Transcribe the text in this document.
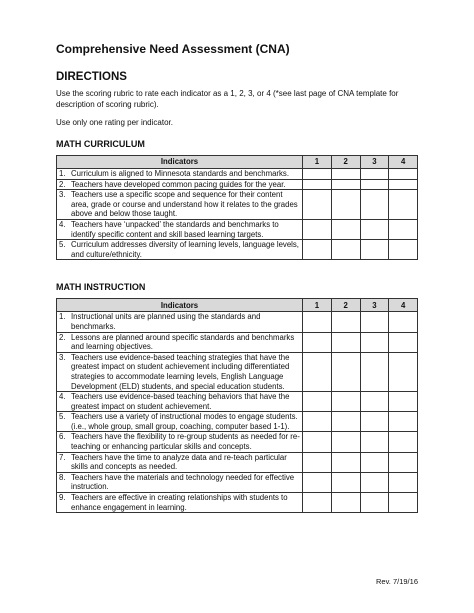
Comprehensive Need Assessment (CNA)
DIRECTIONS
Use the scoring rubric to rate each indicator as a 1, 2, 3, or 4 (*see last page of CNA template for description of scoring rubric).
Use only one rating per indicator.
MATH CURRICULUM
Indicators	1	2	3	4

1. Curriculum is aligned to Minnesota standards and benchmarks.				

2. Teachers have developed common pacing guides for the year.				

3. Teachers use a specific scope and sequence for their content area, grade or course and understand how it relates to the grades above and below those taught.				

4. Teachers have ‘unpacked’ the standards and benchmarks to identify specific content and skill based learning targets.				

5. Curriculum addresses diversity of learning levels, language levels, and culture/ethnicity.				

MATH INSTRUCTION
Indicators	1	2	3	4

1. Instructional units are planned using the standards and benchmarks.				

2. Lessons are planned around specific standards and benchmarks and learning objectives.				

3. Teachers use evidence-based teaching strategies that have the greatest impact on student achievement including differentiated strategies to accommodate learning levels, English Language Development (ELD) students, and special education students.				

4. Teachers use evidence-based teaching behaviors that have the greatest impact on student achievement.				

5. Teachers use a variety of instructional modes to engage students. (i.e., whole group, small group, coaching, computer based 1-1).				

6. Teachers have the flexibility to re-group students as needed for re-teaching or enhancing particular skills and concepts.				

7. Teachers have the time to analyze data and re-teach particular skills and concepts as needed.				

8. Teachers have the materials and technology needed for effective instruction.				

9. Teachers are effective in creating relationships with students to enhance engagement in learning.				

Rev. 7/19/16
